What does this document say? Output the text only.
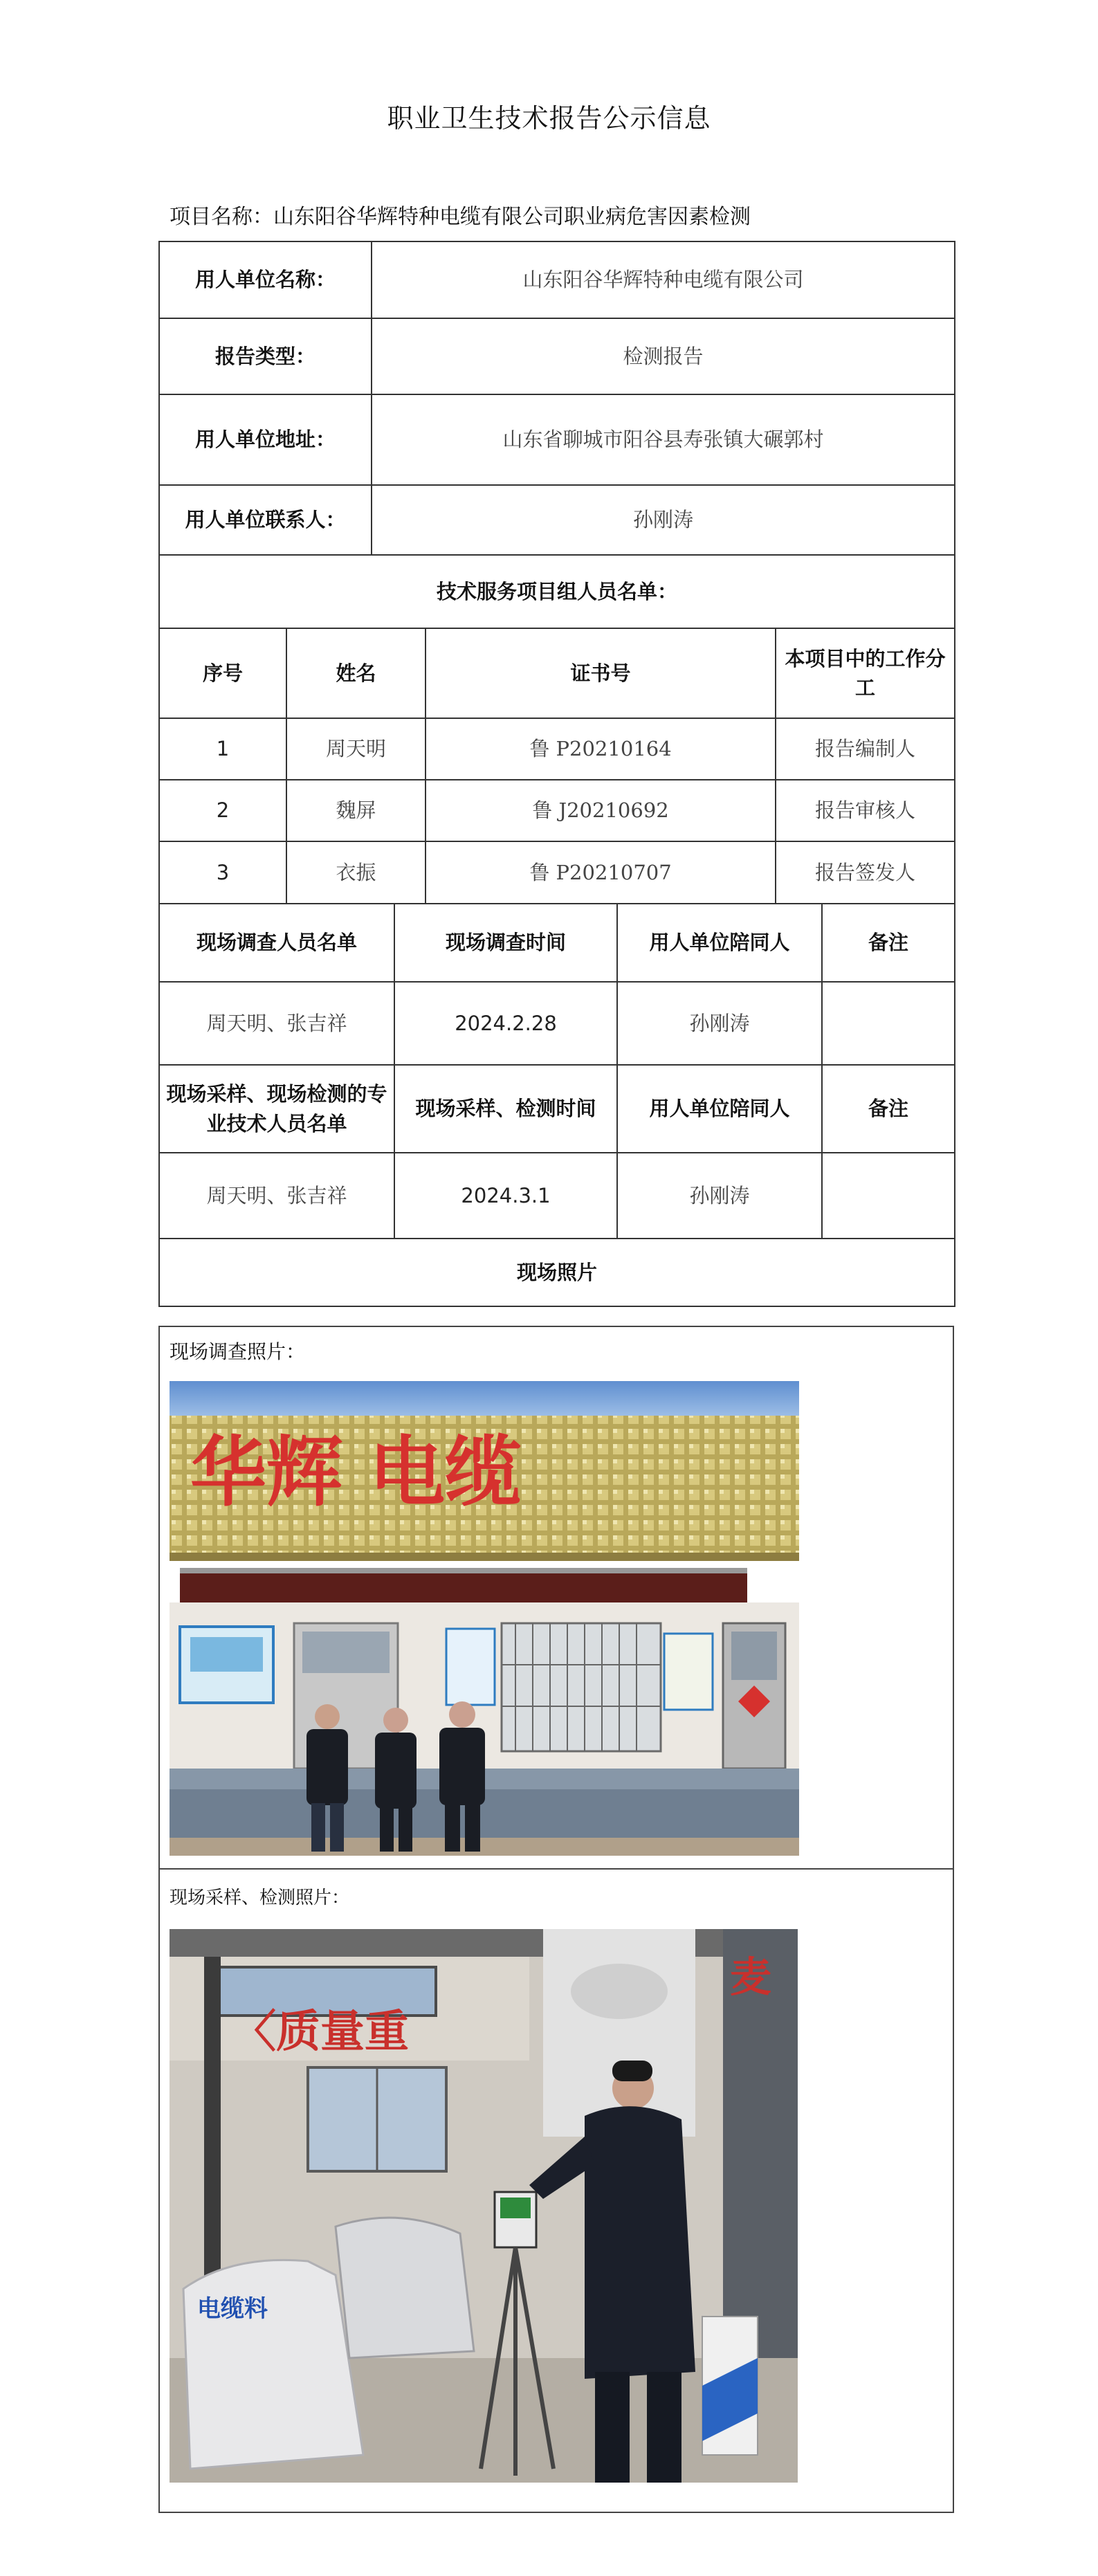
职业卫生技术报告公示信息
项目名称：山东阳谷华辉特种电缆有限公司职业病危害因素检测
用人单位名称：	山东阳谷华辉特种电缆有限公司
报告类型：	检测报告
用人单位地址：	山东省聊城市阳谷县寿张镇大碾郭村
用人单位联系人：	孙刚涛
技术服务项目组人员名单：			
序号	姓名	证书号	本项目中的工作分工
1	周天明	鲁 P20210164	报告编制人
2	魏屏	鲁 J20210692	报告审核人
3	衣振	鲁 P20210707	报告签发人
现场调查人员名单	现场调查时间	用人单位陪同人	备注
周天明、张吉祥	2024.2.28	孙刚涛	
现场采样、现场检测的专业技术人员名单	现场采样、检测时间	用人单位陪同人	备注
周天明、张吉祥	2024.3.1	孙刚涛	
现场照片			
现场调查照片：
华辉 电缆
现场采样、检测照片：
〈质量重
麦
电缆料
